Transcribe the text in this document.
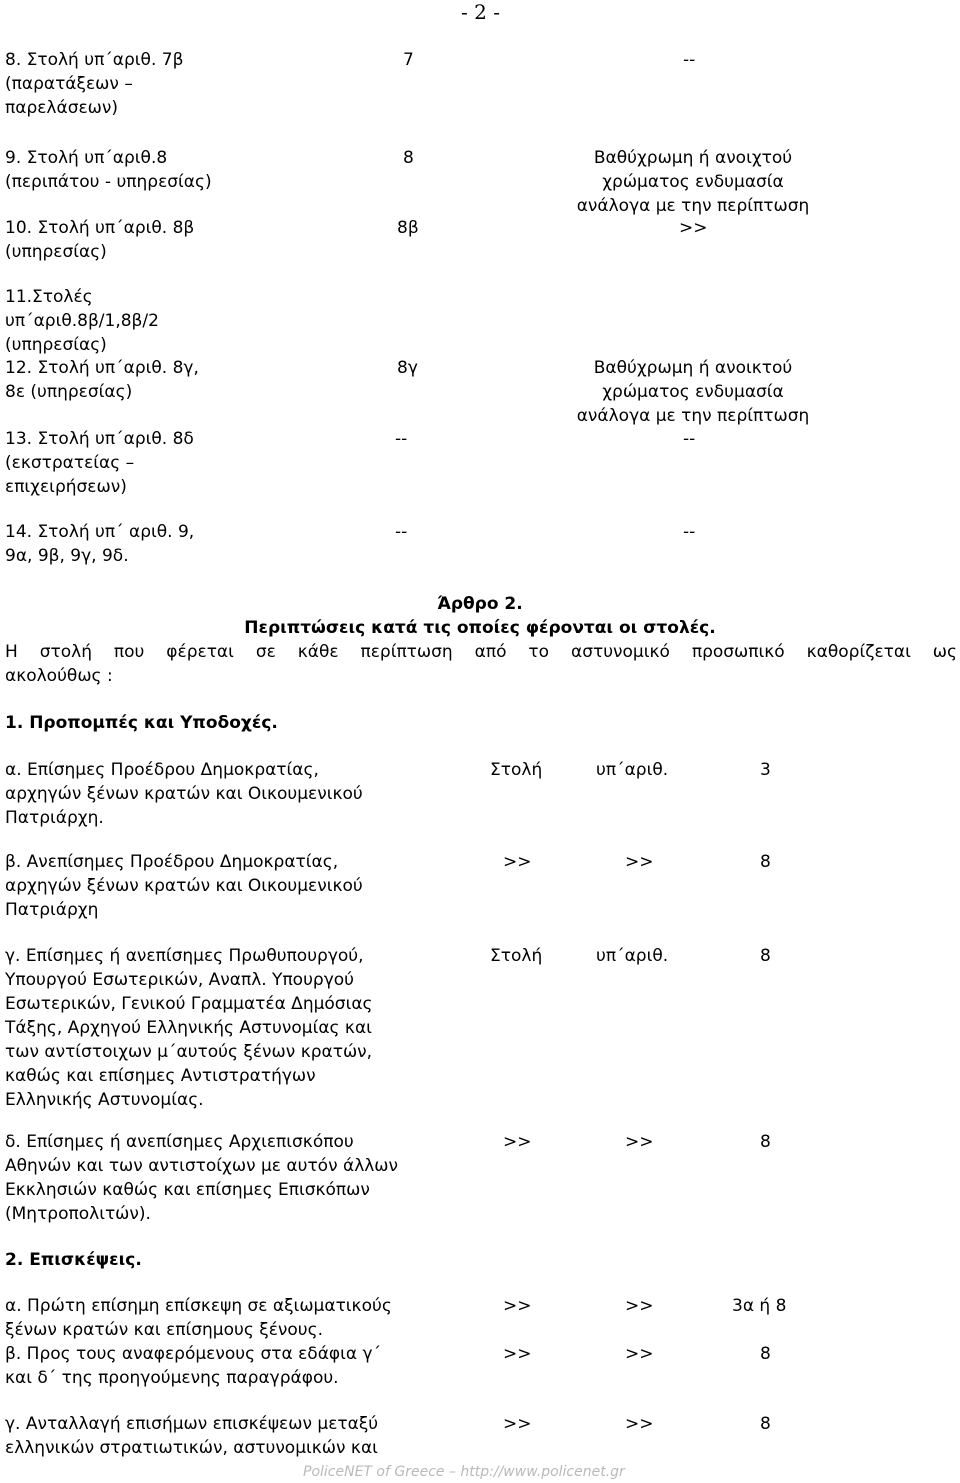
- 2 -
8. Στολή υπ΄αριθ. 7β
(παρατάξεων –
παρελάσεων)
7	--
9. Στολή υπ΄αριθ.8
(περιπάτου - υπηρεσίας)
8	Βαθύχρωμη ή ανοιχτού
χρώματος ενδυμασία
ανάλογα με την περίπτωση
10. Στολή υπ΄αριθ. 8β
(υπηρεσίας)
8β	>>
11.Στολές
υπ΄αριθ.8β/1,8β/2
(υπηρεσίας)
12. Στολή υπ΄αριθ. 8γ,
8ε (υπηρεσίας)
8γ	Βαθύχρωμη ή ανοικτού
χρώματος ενδυμασία
ανάλογα με την περίπτωση
13. Στολή υπ΄αριθ. 8δ
(εκστρατείας –
επιχειρήσεων)
--	--
14. Στολή υπ΄ αριθ. 9,
9α, 9β, 9γ, 9δ.
--	--
Άρθρο 2.
Περιπτώσεις κατά τις οποίες φέρονται οι στολές.
Η στολή που φέρεται σε κάθε περίπτωση από το αστυνομικό προσωπικό καθορίζεται ως
ακολούθως :
1. Προπομπές και Υποδοχές.
α. Επίσημες Προέδρου Δημοκρατίας,
αρχηγών ξένων κρατών και Οικουμενικού
Πατριάρχη.
Στολή	υπ΄αριθ.	3
β. Ανεπίσημες Προέδρου Δημοκρατίας,
αρχηγών ξένων κρατών και Οικουμενικού
Πατριάρχη
>>	>>	8
γ. Επίσημες ή ανεπίσημες Πρωθυπουργού,
Υπουργού Εσωτερικών, Αναπλ. Υπουργού
Εσωτερικών, Γενικού Γραμματέα Δημόσιας
Τάξης, Αρχηγού Ελληνικής Αστυνομίας και
των αντίστοιχων μ΄αυτούς ξένων κρατών,
καθώς και επίσημες Αντιστρατήγων
Ελληνικής Αστυνομίας.
Στολή	υπ΄αριθ.	8
δ. Επίσημες ή ανεπίσημες Αρχιεπισκόπου
Αθηνών και των αντιστοίχων με αυτόν άλλων
Εκκλησιών καθώς και επίσημες Επισκόπων
(Μητροπολιτών).
>>	>>	8
2. Επισκέψεις.
α. Πρώτη επίσημη επίσκεψη σε αξιωματικούς
ξένων κρατών και επίσημους ξένους.
>>	>>	3α ή 8
β. Προς τους αναφερόμενους στα εδάφια γ΄
και δ΄ της προηγούμενης παραγράφου.
>>	>>	8
γ. Ανταλλαγή επισήμων επισκέψεων μεταξύ
ελληνικών στρατιωτικών, αστυνομικών και
>>	>>	8
PoliceNET of Greece – http://www.policenet.gr
